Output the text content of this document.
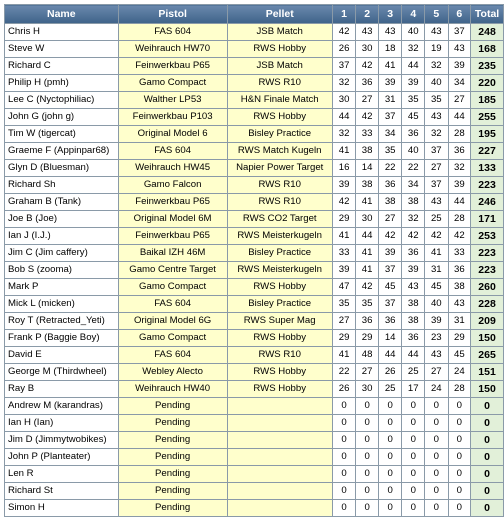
Name	Pistol	Pellet	1	2	3	4	5	6	Total
Chris H	FAS 604	JSB Match	42	43	43	40	43	37	248
Steve W	Weihrauch HW70	RWS Hobby	26	30	18	32	19	43	168
Richard C	Feinwerkbau P65	JSB Match	37	42	41	44	32	39	235
Philip H (pmh)	Gamo Compact	RWS R10	32	36	39	39	40	34	220
Lee C (Nyctophiliac)	Walther LP53	H&N Finale Match	30	27	31	35	35	27	185
John G (john g)	Feinwerkbau P103	RWS Hobby	44	42	37	45	43	44	255
Tim W (tigercat)	Original Model 6	Bisley Practice	32	33	34	36	32	28	195
Graeme F (Appinpar68)	FAS 604	RWS Match Kugeln	41	38	35	40	37	36	227
Glyn D (Bluesman)	Weihrauch HW45	Napier Power Target	16	14	22	22	27	32	133
Richard Sh	Gamo Falcon	RWS R10	39	38	36	34	37	39	223
Graham B (Tank)	Feinwerkbau P65	RWS R10	42	41	38	38	43	44	246
Joe B (Joe)	Original Model 6M	RWS CO2 Target	29	30	27	32	25	28	171
Ian J (I.J.)	Feinwerkbau P65	RWS Meisterkugeln	41	44	42	42	42	42	253
Jim C (Jim caffery)	Baikal IZH 46M	Bisley Practice	33	41	39	36	41	33	223
Bob S (zooma)	Gamo Centre Target	RWS Meisterkugeln	39	41	37	39	31	36	223
Mark P	Gamo Compact	RWS Hobby	47	42	45	43	45	38	260
Mick L (micken)	FAS 604	Bisley Practice	35	35	37	38	40	43	228
Roy T (Retracted_Yeti)	Original Model 6G	RWS Super Mag	27	36	36	38	39	31	209
Frank P (Baggie Boy)	Gamo Compact	RWS Hobby	29	29	14	36	23	29	150
David E	FAS 604	RWS R10	41	48	44	44	43	45	265
George M (Thirdwheel)	Webley Alecto	RWS Hobby	22	27	26	25	27	24	151
Ray B	Weihrauch HW40	RWS Hobby	26	30	25	17	24	28	150
Andrew M (karandras)	Pending		0	0	0	0	0	0	0
Ian H (Ian)	Pending		0	0	0	0	0	0	0
Jim D (Jimmytwobikes)	Pending		0	0	0	0	0	0	0
John P (Planteater)	Pending		0	0	0	0	0	0	0
Len R	Pending		0	0	0	0	0	0	0
Richard St	Pending		0	0	0	0	0	0	0
Simon H	Pending		0	0	0	0	0	0	0
